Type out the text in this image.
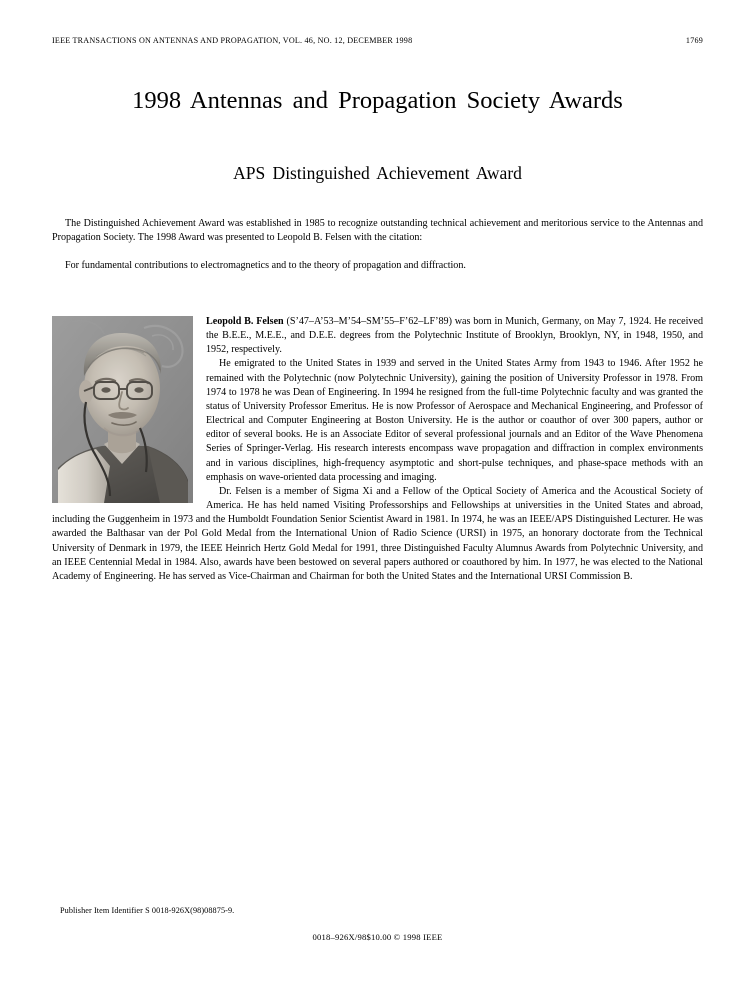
IEEE TRANSACTIONS ON ANTENNAS AND PROPAGATION, VOL. 46, NO. 12, DECEMBER 1998	1769
1998 Antennas and Propagation Society Awards
APS Distinguished Achievement Award

The Distinguished Achievement Award was established in 1985 to recognize outstanding technical achievement and meritorious service to the Antennas and Propagation Society. The 1998 Award was presented to Leopold B. Felsen with the citation:

For fundamental contributions to electromagnetics and to the theory of propagation and diffraction.

Leopold B. Felsen (S’47–A’53–M’54–SM’55–F’62–LF’89) was born in Munich, Germany, on May 7, 1924. He received the B.E.E., M.E.E., and D.E.E. degrees from the Polytechnic Institute of Brooklyn, Brooklyn, NY, in 1948, 1950, and 1952, respectively.

He emigrated to the United States in 1939 and served in the United States Army from 1943 to 1946. After 1952 he remained with the Polytechnic (now Polytechnic University), gaining the position of University Professor in 1978. From 1974 to 1978 he was Dean of Engineering. In 1994 he resigned from the full-time Polytechnic faculty and was granted the status of University Professor Emeritus. He is now Professor of Aerospace and Mechanical Engineering, and Professor of Electrical and Computer Engineering at Boston University. He is the author or coauthor of over 300 papers, author or editor of several books. He is an Associate Editor of several professional journals and an Editor of the Wave Phenomena Series of Springer-Verlag. His research interests encompass wave propagation and diffraction in complex environments and in various disciplines, high-frequency asymptotic and short-pulse techniques, and phase-space methods with an emphasis on wave-oriented data processing and imaging.

Dr. Felsen is a member of Sigma Xi and a Fellow of the Optical Society of America and the Acoustical Society of America. He has held named Visiting Professorships and Fellowships at universities in the United States and abroad, including the Guggenheim in 1973 and the Humboldt Foundation Senior Scientist Award in 1981. In 1974, he was an IEEE/APS Distinguished Lecturer. He was awarded the Balthasar van der Pol Gold Medal from the International Union of Radio Science (URSI) in 1975, an honorary doctorate from the Technical University of Denmark in 1979, the IEEE Heinrich Hertz Gold Medal for 1991, three Distinguished Faculty Alumnus Awards from Polytechnic University, and an IEEE Centennial Medal in 1984. Also, awards have been bestowed on several papers authored or coauthored by him. In 1977, he was elected to the National Academy of Engineering. He has served as Vice-Chairman and Chairman for both the United States and the International URSI Commission B.

Publisher Item Identifier S 0018-926X(98)08875-9.
0018–926X/98$10.00 © 1998 IEEE
